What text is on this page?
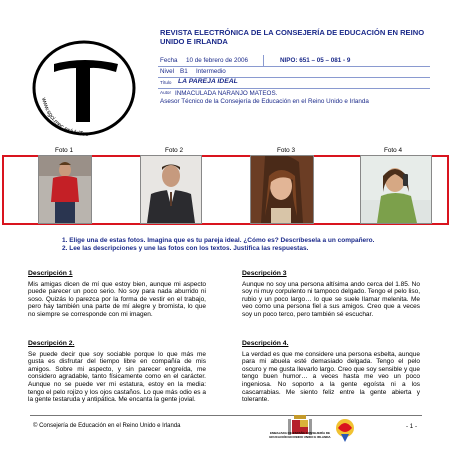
www.sgci.mec.es/uk/Tec
REVISTA ELECTRÓNICA DE LA CONSEJERÍA DE EDUCACIÓN EN REINO UNIDO E IRLANDA
Fecha 10 de febrero de 2006	NIPO: 651 – 05 – 081 - 9
Nivel B1 Intermedio
Título LA PAREJA IDEAL
Autor INMACULADA NARANJO MATEOS.
Asesor Técnico de la Consejería de Educación en el Reino Unido e Irlanda
Foto 1	Foto 2	Foto 3	Foto 4

1. Elige una de estas fotos. Imagina que es tu pareja ideal. ¿Cómo es? Descríbesela a un compañero.

2. Lee las descripciones y une las fotos con los textos. Justifica las respuestas.

Descripción 1

Mis amigas dicen de mí que estoy bien, aunque mi aspecto puede parecer un poco serio. No soy para nada aburrido ni soso. Quizás lo parezca por la forma de vestir en el trabajo, pero hay también una parte de mí alegre y bromista, lo que no siempre se corresponde con mi imagen.

Descripción 3

Aunque no soy una persona altísima ando cerca del 1.85. No soy ni muy corpulento ni tampoco delgado. Tengo el pelo liso, rubio y un poco largo… lo que se suele llamar melenita. Me veo como una persona fiel a sus amigos. Creo que a veces soy un poco terco, pero también sé escuchar.

Descripción 2.

Se puede decir que soy sociable porque lo que más me gusta es disfrutar del tiempo libre en compañía de mis amigos. Sobre mi aspecto, y sin parecer engreída, me considero agradable, tanto físicamente como en el carácter. Aunque no se puede ver mi estatura, estoy en la media: tengo el pelo rojizo y los ojos castaños. Lo que más odio es a la gente testaruda y antipática. Me encanta la gente jovial.

Descripción 4.

La verdad es que me considere una persona esbelta, aunque para mi abuela esté demasiado delgada. Tengo el pelo oscuro y me gusta llevarlo largo. Creo que soy sensible y que tengo buen humor… a veces hasta me veo un poco ingeniosa. No soporto a la gente egoísta ni a los cascarrabias. Me siento feliz entre la gente abierta y tolerante.

© Consejería de Educación en el Reino Unido e Irlanda
EMBAJADA DE ESPAÑA CONSEJERÍA DE EDUCACIÓN EN REINO UNIDO E IRLANDA
- 1 -
